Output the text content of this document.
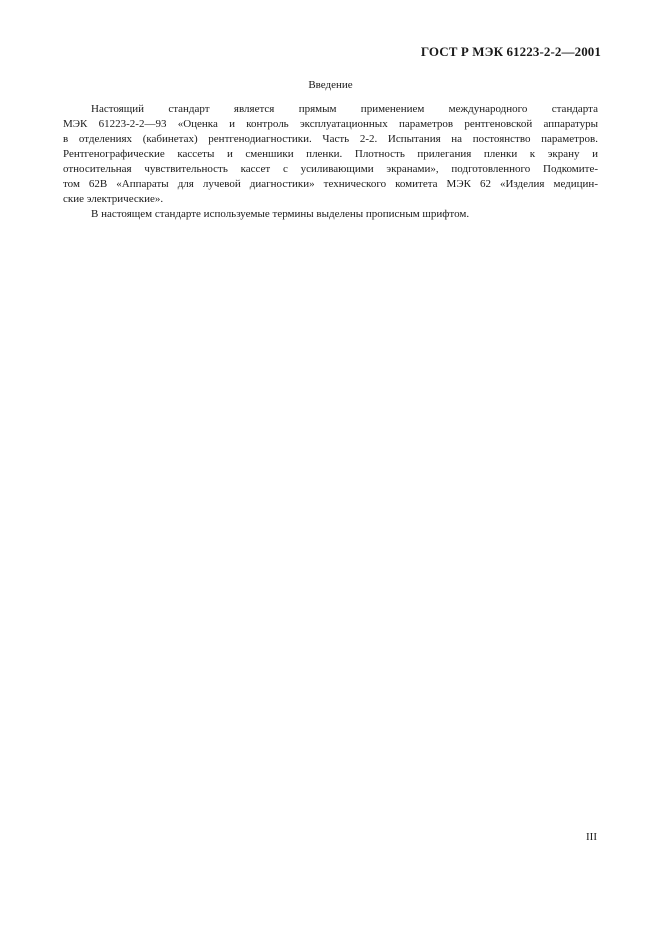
ГОСТ Р МЭК 61223-2-2—2001
Введение
Настоящий стандарт является прямым применением международного стандарта
МЭК 61223-2-2—93 «Оценка и контроль эксплуатационных параметров рентгеновской аппаратуры
в отделениях (кабинетах) рентгенодиагностики. Часть 2-2. Испытания на постоянство параметров.
Рентгенографические кассеты и сменшики пленки. Плотность прилегания пленки к экрану и
относительная чувствительность кассет с усиливающими экранами», подготовленного Подкомите-
том 62В «Аппараты для лучевой диагностики» технического комитета МЭК 62 «Изделия медицин-
ские электрические».
В настоящем стандарте используемые термины выделены прописным шрифтом.
III
